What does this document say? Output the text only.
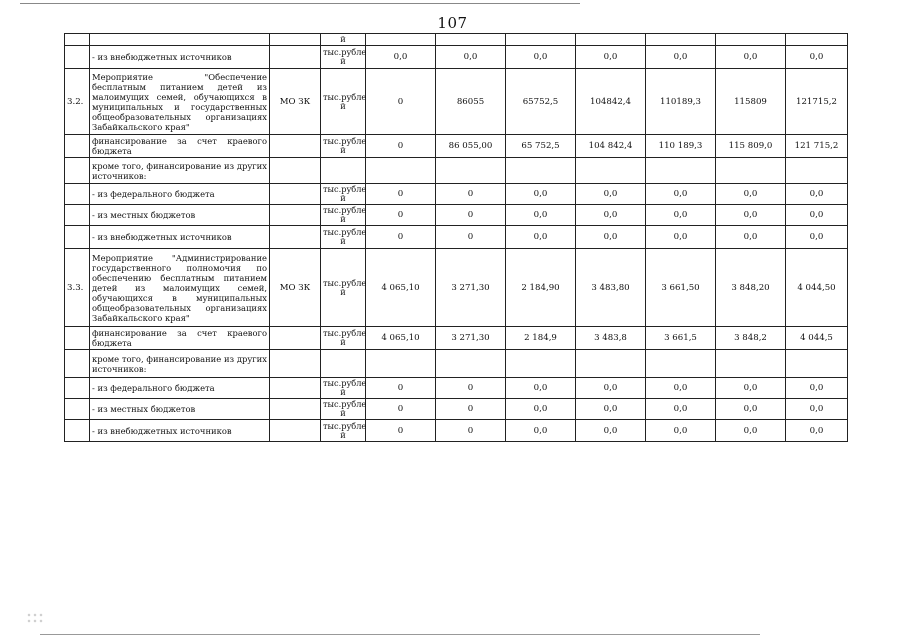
107
			й							
	- из внебюджетных источников		тыс.рубле й	0,0	0,0	0,0	0,0	0,0	0,0	0,0
3.2.	Мероприятие "Обеспечение бесплатным питанием детей из малоимущих семей, обучающихся в муниципальных и государственных общеобразовательных организациях Забайкальского края"	МО ЗК	тыс.рубле й	0	86055	65752,5	104842,4	110189,3	115809	121715,2
	финансирование за счет краевого бюджета		тыс.рубле й	0	86 055,00	65 752,5	104 842,4	110 189,3	115 809,0	121 715,2
	кроме того, финансирование из других источников:									
	- из федерального бюджета		тыс.рубле й	0	0	0,0	0,0	0,0	0,0	0,0
	- из местных бюджетов		тыс.рубле й	0	0	0,0	0,0	0,0	0,0	0,0
	- из внебюджетных источников		тыс.рубле й	0	0	0,0	0,0	0,0	0,0	0,0
3.3.	Мероприятие "Администрирование государственного полномочия по обеспечению бесплатным питанием детей из малоимущих семей, обучающихся в муниципальных общеобразовательных организациях Забайкальского края"	МО ЗК	тыс.рубле й	4 065,10	3 271,30	2 184,90	3 483,80	3 661,50	3 848,20	4 044,50
	финансирование за счет краевого бюджета		тыс.рубле й	4 065,10	3 271,30	2 184,9	3 483,8	3 661,5	3 848,2	4 044,5
	кроме того, финансирование из других источников:									
	- из федерального бюджета		тыс.рубле й	0	0	0,0	0,0	0,0	0,0	0,0
	- из местных бюджетов		тыс.рубле й	0	0	0,0	0,0	0,0	0,0	0,0
	- из внебюджетных источников		тыс.рубле й	0	0	0,0	0,0	0,0	0,0	0,0
